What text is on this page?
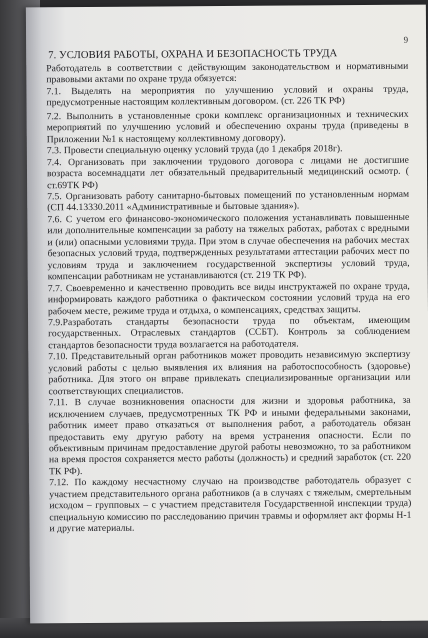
9
7. УСЛОВИЯ РАБОТЫ, ОХРАНА И БЕЗОПАСНОСТЬ ТРУДА

Работодатель в соответствии с действующим законодательством и нормативными правовыми актами по охране труда обязуется:

7.1. Выделять на мероприятия по улучшению условий и охраны труда, предусмотренные настоящим коллективным договором. (ст. 226 ТК РФ)

7.2. Выполнить в установленные сроки комплекс организационных и технических мероприятий по улучшению условий и обеспечению охраны труда (приведены в Приложении №1 к настоящему коллективному договору).

7.3. Провести специальную оценку условий труда (до 1 декабря 2018г).

7.4. Организовать при заключении трудового договора с лицами не достигшие возраста восемнадцати лет обязательный предварительный медицинский осмотр. ( ст.69ТК РФ)

7.5. Организовать работу санитарно-бытовых помещений по установленным нормам (СП 44.13330.2011 «Административные и бытовые здания»).

7.6. С учетом его финансово-экономического положения устанавливать повышенные или дополнительные компенсации за работу на тяжелых работах, работах с вредными и (или) опасными условиями труда. При этом в случае обеспечения на рабочих местах безопасных условий труда, подтвержденных результатами аттестации рабочих мест по условиям труда и заключением государственной экспертизы условий труда, компенсации работникам не устанавливаются (ст. 219 ТК РФ).

7.7. Своевременно и качественно проводить все виды инструктажей по охране труда, информировать каждого работника о фактическом состоянии условий труда на его рабочем месте, режиме труда и отдыха, о компенсациях, средствах защиты.

7.9.Разработать стандарты безопасности труда по объектам, имеющим государственных. Отраслевых стандартов (ССБТ). Контроль за соблюдением стандартов безопасности труда возлагается на работодателя.

7.10. Представительный орган работников может проводить независимую экспертизу условий работы с целью выявления их влияния на работоспособность (здоровье) работника. Для этого он вправе привлекать специализированные организации или соответствующих специалистов.

7.11. В случае возникновения опасности для жизни и здоровья работника, за исключением случаев, предусмотренных ТК РФ и иными федеральными законами, работник имеет право отказаться от выполнения работ, а работодатель обязан предоставить ему другую работу на время устранения опасности. Если по объективным причинам предоставление другой работы невозможно, то за работником на время простоя сохраняется место работы (должность) и средний заработок (ст. 220 ТК РФ).

7.12. По каждому несчастному случаю на производстве работодатель образует с участием представительного органа работников (а в случаях с тяжелым, смертельным исходом – групповых – с участием представителя Государственной инспекции труда) специальную комиссию по расследованию причин травмы и оформляет акт формы Н-1 и другие материалы.
